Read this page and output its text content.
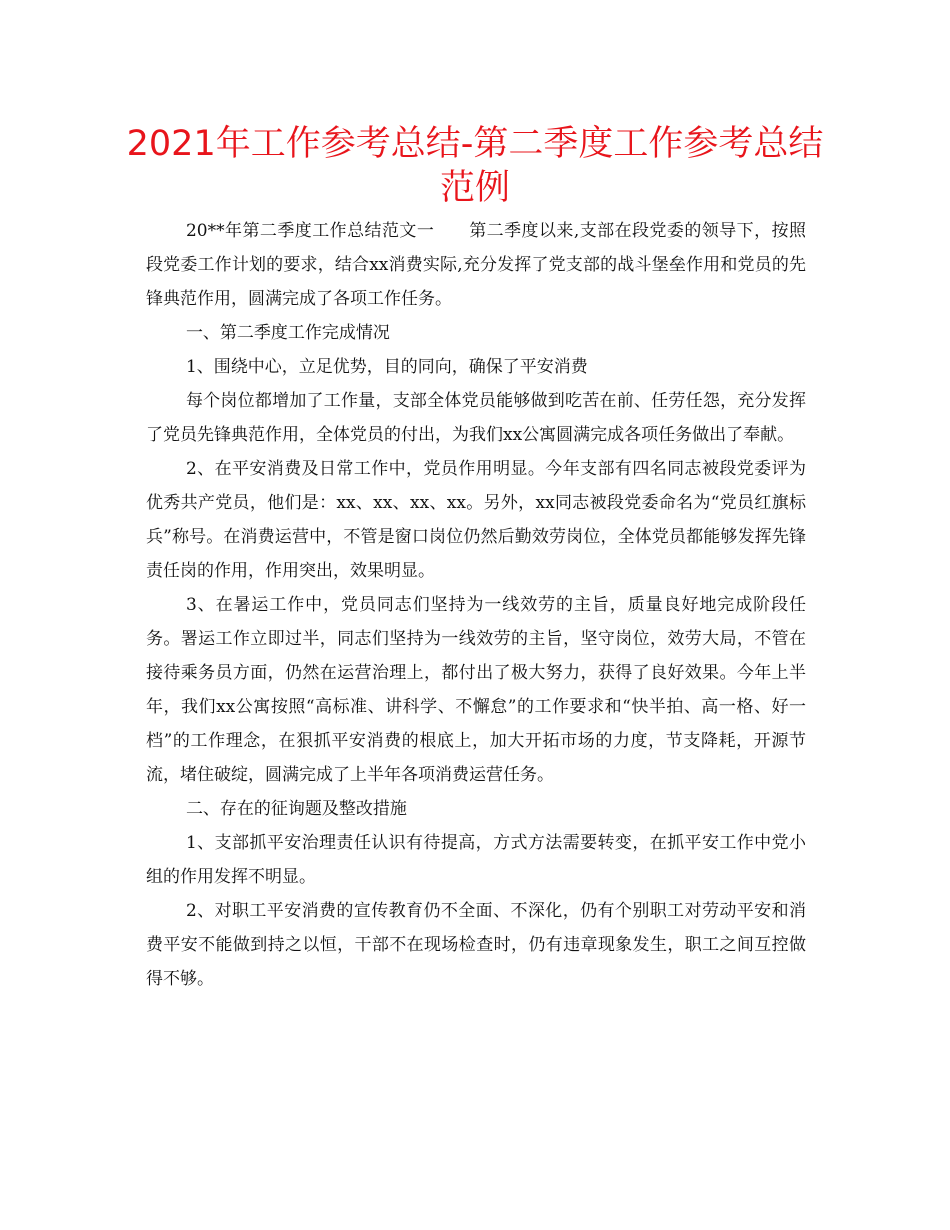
2021年工作参考总结-第二季度工作参考总结范例

20**年第二季度工作总结范文一　　第二季度以来,支部在段党委的领导下，按照段党委工作计划的要求，结合xx消费实际,充分发挥了党支部的战斗堡垒作用和党员的先锋典范作用，圆满完成了各项工作任务。

一、第二季度工作完成情况

1、围绕中心，立足优势，目的同向，确保了平安消费

每个岗位都增加了工作量，支部全体党员能够做到吃苦在前、任劳任怨，充分发挥了党员先锋典范作用，全体党员的付出，为我们xx公寓圆满完成各项任务做出了奉献。

2、在平安消费及日常工作中，党员作用明显。今年支部有四名同志被段党委评为优秀共产党员，他们是：xx、xx、xx、xx。另外，xx同志被段党委命名为“党员红旗标兵”称号。在消费运营中，不管是窗口岗位仍然后勤效劳岗位，全体党员都能够发挥先锋责任岗的作用，作用突出，效果明显。

3、在暑运工作中，党员同志们坚持为一线效劳的主旨，质量良好地完成阶段任务。署运工作立即过半，同志们坚持为一线效劳的主旨，坚守岗位，效劳大局，不管在接待乘务员方面，仍然在运营治理上，都付出了极大努力，获得了良好效果。今年上半年，我们xx公寓按照“高标准、讲科学、不懈怠”的工作要求和“快半拍、高一格、好一档”的工作理念，在狠抓平安消费的根底上，加大开拓市场的力度，节支降耗，开源节流，堵住破绽，圆满完成了上半年各项消费运营任务。

二、存在的征询题及整改措施

1、支部抓平安治理责任认识有待提高，方式方法需要转变，在抓平安工作中党小组的作用发挥不明显。

2、对职工平安消费的宣传教育仍不全面、不深化，仍有个别职工对劳动平安和消费平安不能做到持之以恒，干部不在现场检查时，仍有违章现象发生，职工之间互控做得不够。
